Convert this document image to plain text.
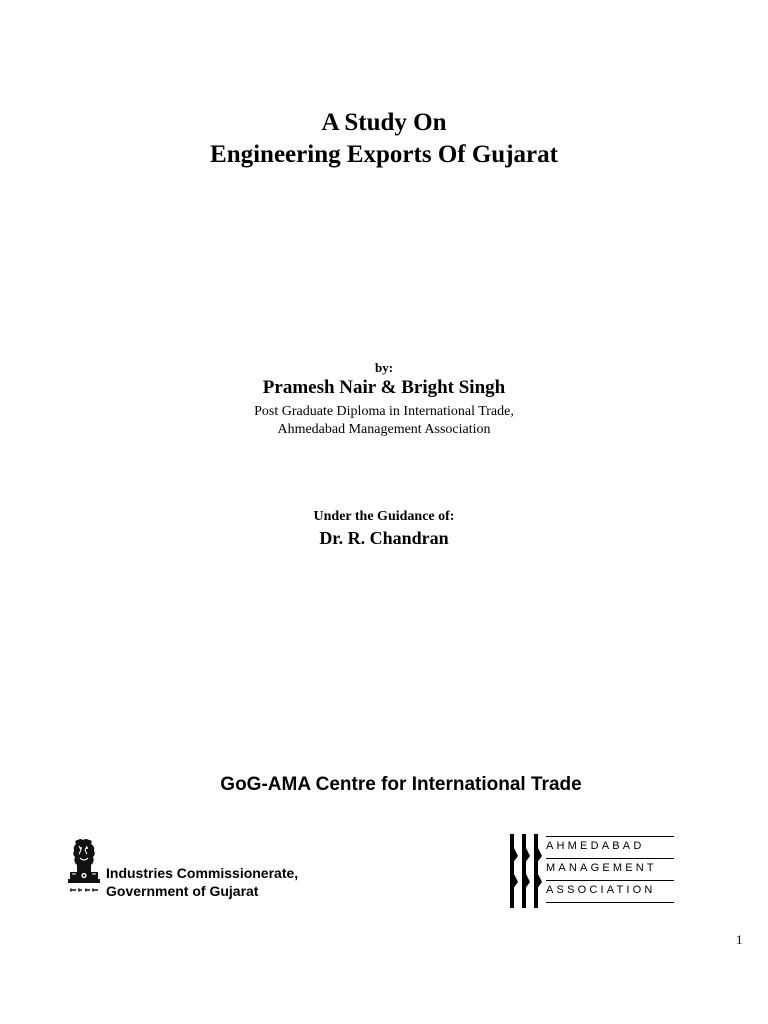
A Study On
Engineering Exports Of Gujarat
by:
Pramesh Nair & Bright Singh
Post Graduate Diploma in International Trade,
Ahmedabad Management Association
Under the Guidance of:
Dr. R. Chandran
GoG-AMA Centre for International Trade
Industries Commissionerate,
Government of Gujarat
AHMEDABAD
MANAGEMENT
ASSOCIATION
1
